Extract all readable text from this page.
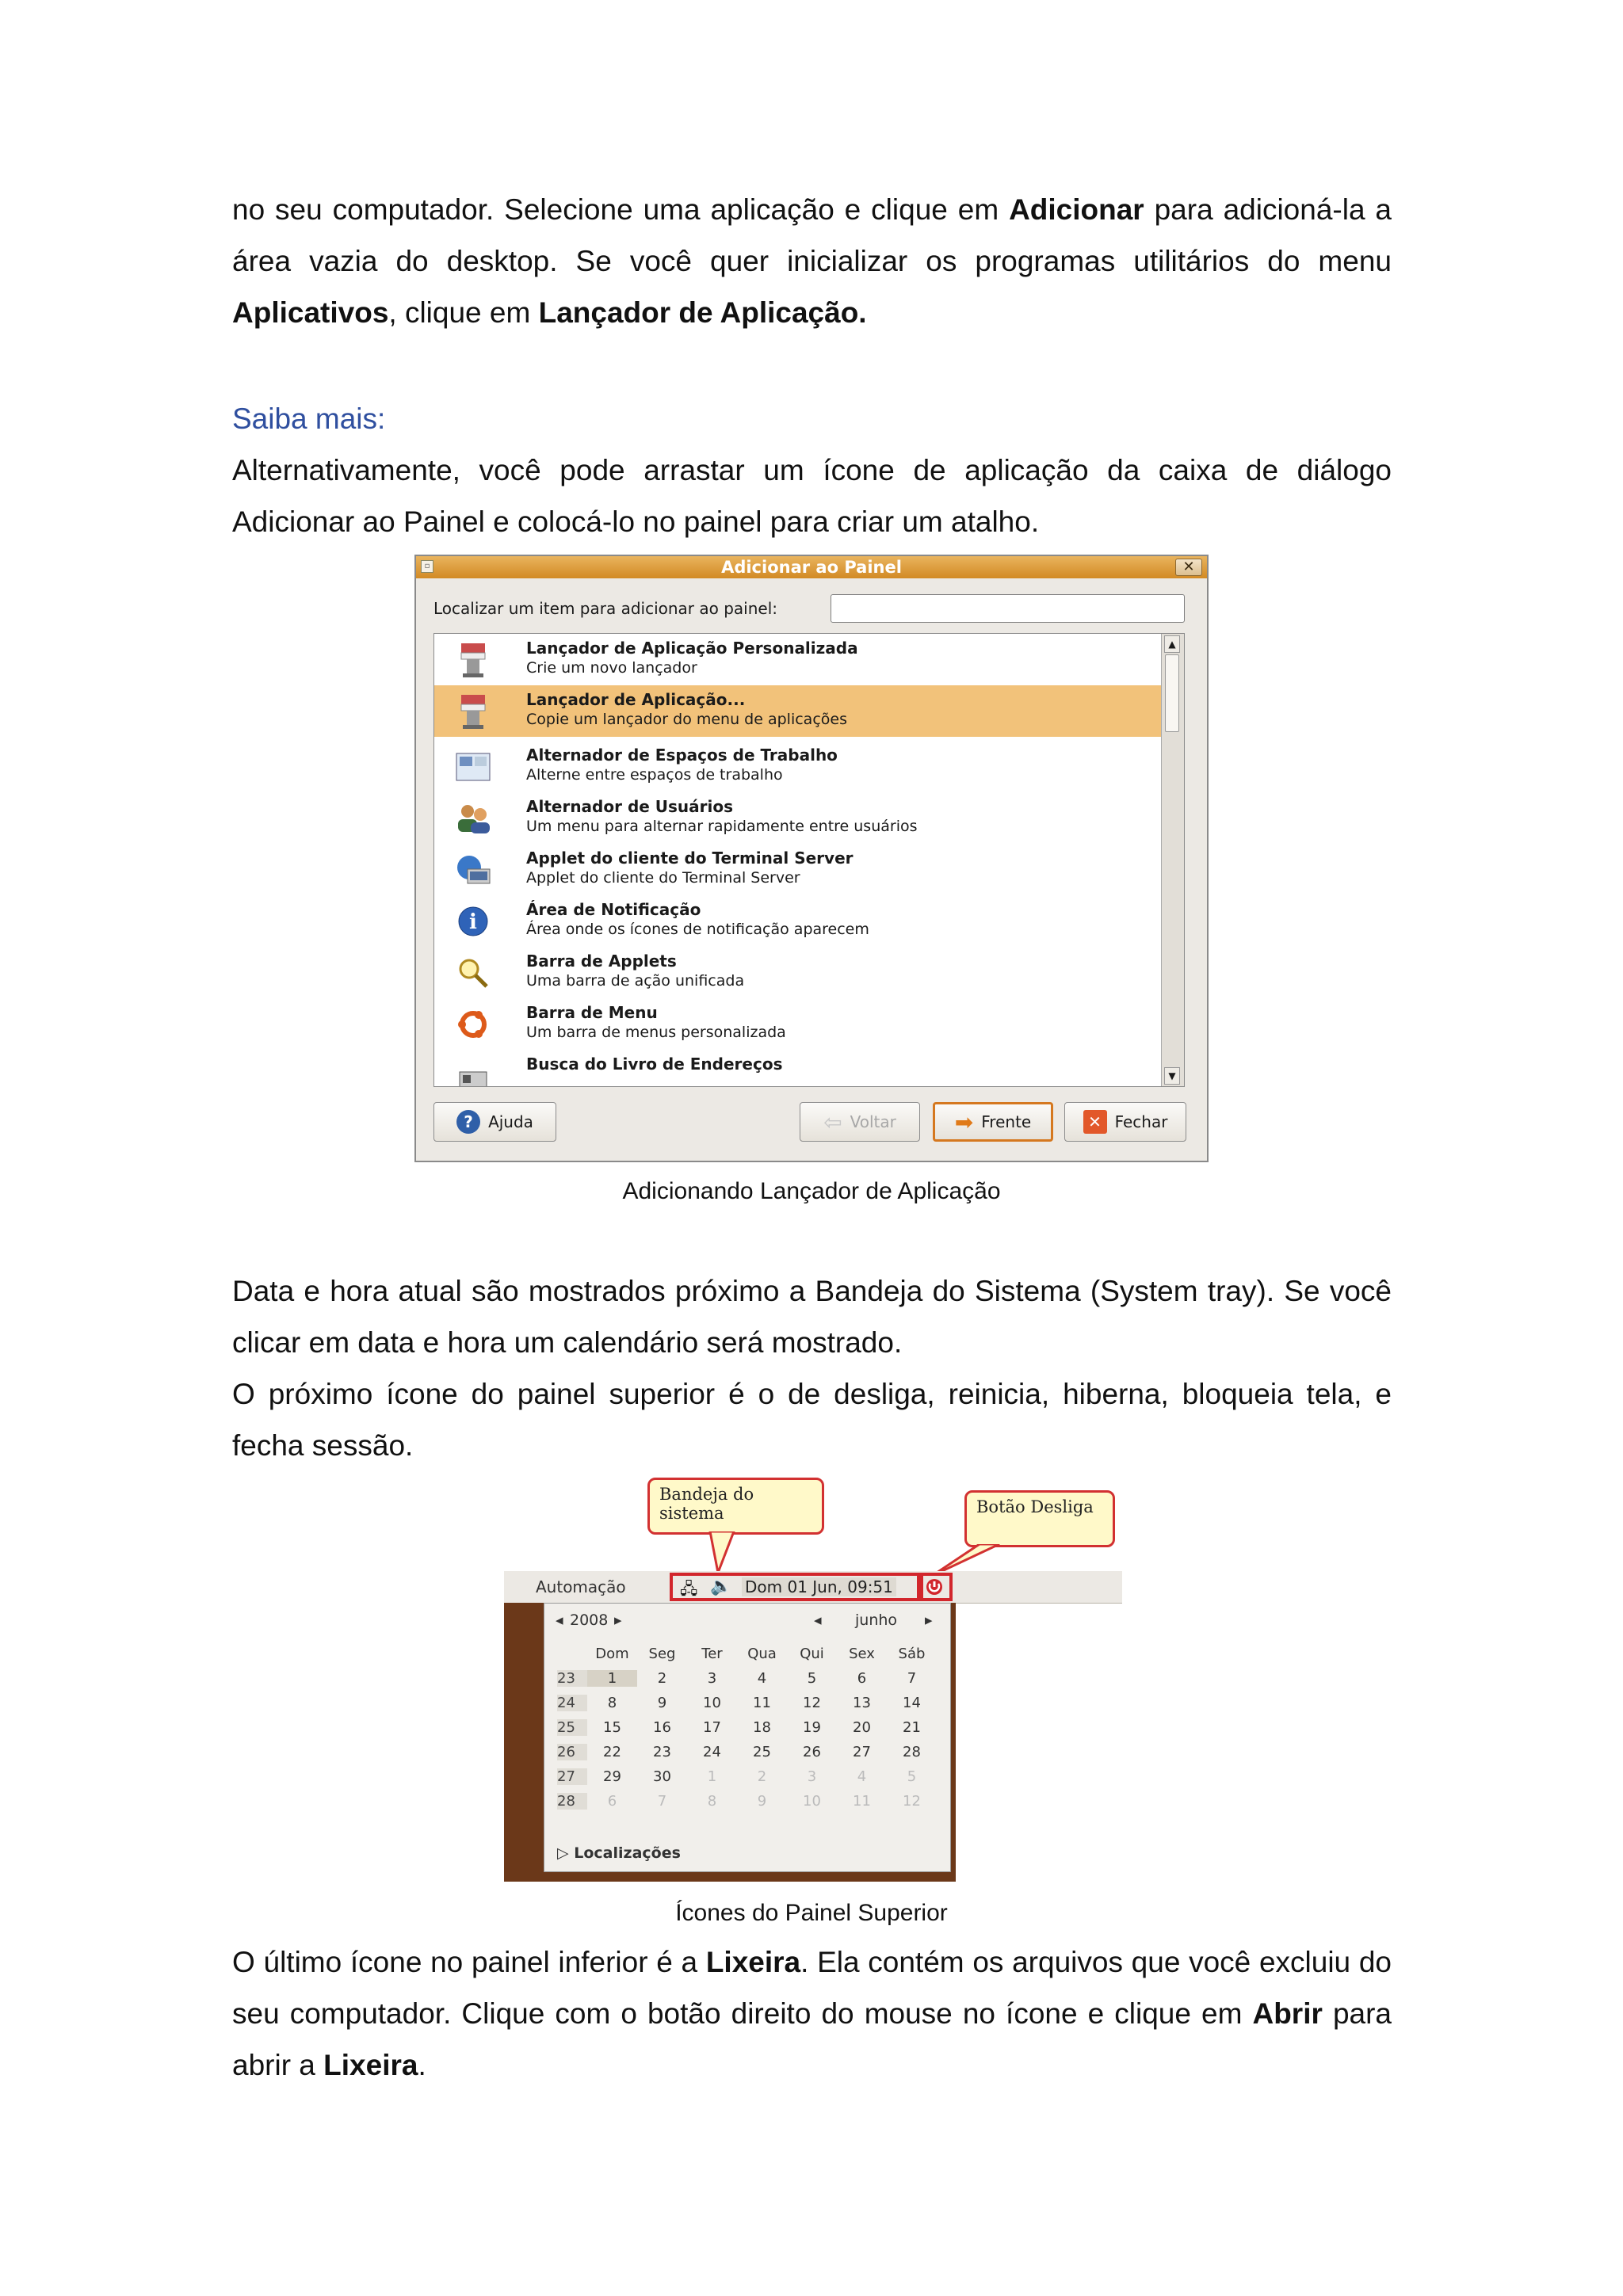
no seu computador. Selecione uma aplicação e clique em Adicionar para adicioná-la a área vazia do desktop. Se você quer inicializar os programas utilitários do menu Aplicativos, clique em Lançador de Aplicação.

Saiba mais:

Alternativamente, você pode arrastar um ícone de aplicação da caixa de diálogo Adicionar ao Painel e colocá-lo no painel para criar um atalho.

▫	Adicionar ao Painel	✕
Localizar um item para adicionar ao painel:
Lançador de Aplicação Personalizada
Crie um novo lançador
Lançador de Aplicação...
Copie um lançador do menu de aplicações
Alternador de Espaços de Trabalho
Alterne entre espaços de trabalho
Alternador de Usuários
Um menu para alternar rapidamente entre usuários
Applet do cliente do Terminal Server
Applet do cliente do Terminal Server
i
Área de Notificação
Área onde os ícones de notificação aparecem
Barra de Applets
Uma barra de ação unificada
Barra de Menu
Um barra de menus personalizada
Busca do Livro de Endereços
▲
▼
? Ajuda	⇦ Voltar	➡ Frente	✕ Fechar
Adicionando Lançador de Aplicação

Data e hora atual são mostrados próximo a Bandeja do Sistema (System tray). Se você clicar em data e hora um calendário será mostrado.

O próximo ícone do painel superior é o de desliga, reinicia, hiberna, bloqueia tela, e fecha sessão.

Bandeja do sistema	Botão Desliga
Automação	🖧 🔈 Dom 01 Jun, 09:51
◂ 2008 ▸	◂ junho ▸
Dom	Seg	Ter	Qua	Qui	Sex	Sáb
23	1	2	3	4	5	6	7
24	8	9	10	11	12	13	14
25	15	16	17	18	19	20	21
26	22	23	24	25	26	27	28
27	29	30	1	2	3	4	5
28	6	7	8	9	10	11	12
▷ Localizações
Ícones do Painel Superior

O último ícone no painel inferior é a Lixeira. Ela contém os arquivos que você excluiu do seu computador. Clique com o botão direito do mouse no ícone e clique em Abrir para abrir a Lixeira.
